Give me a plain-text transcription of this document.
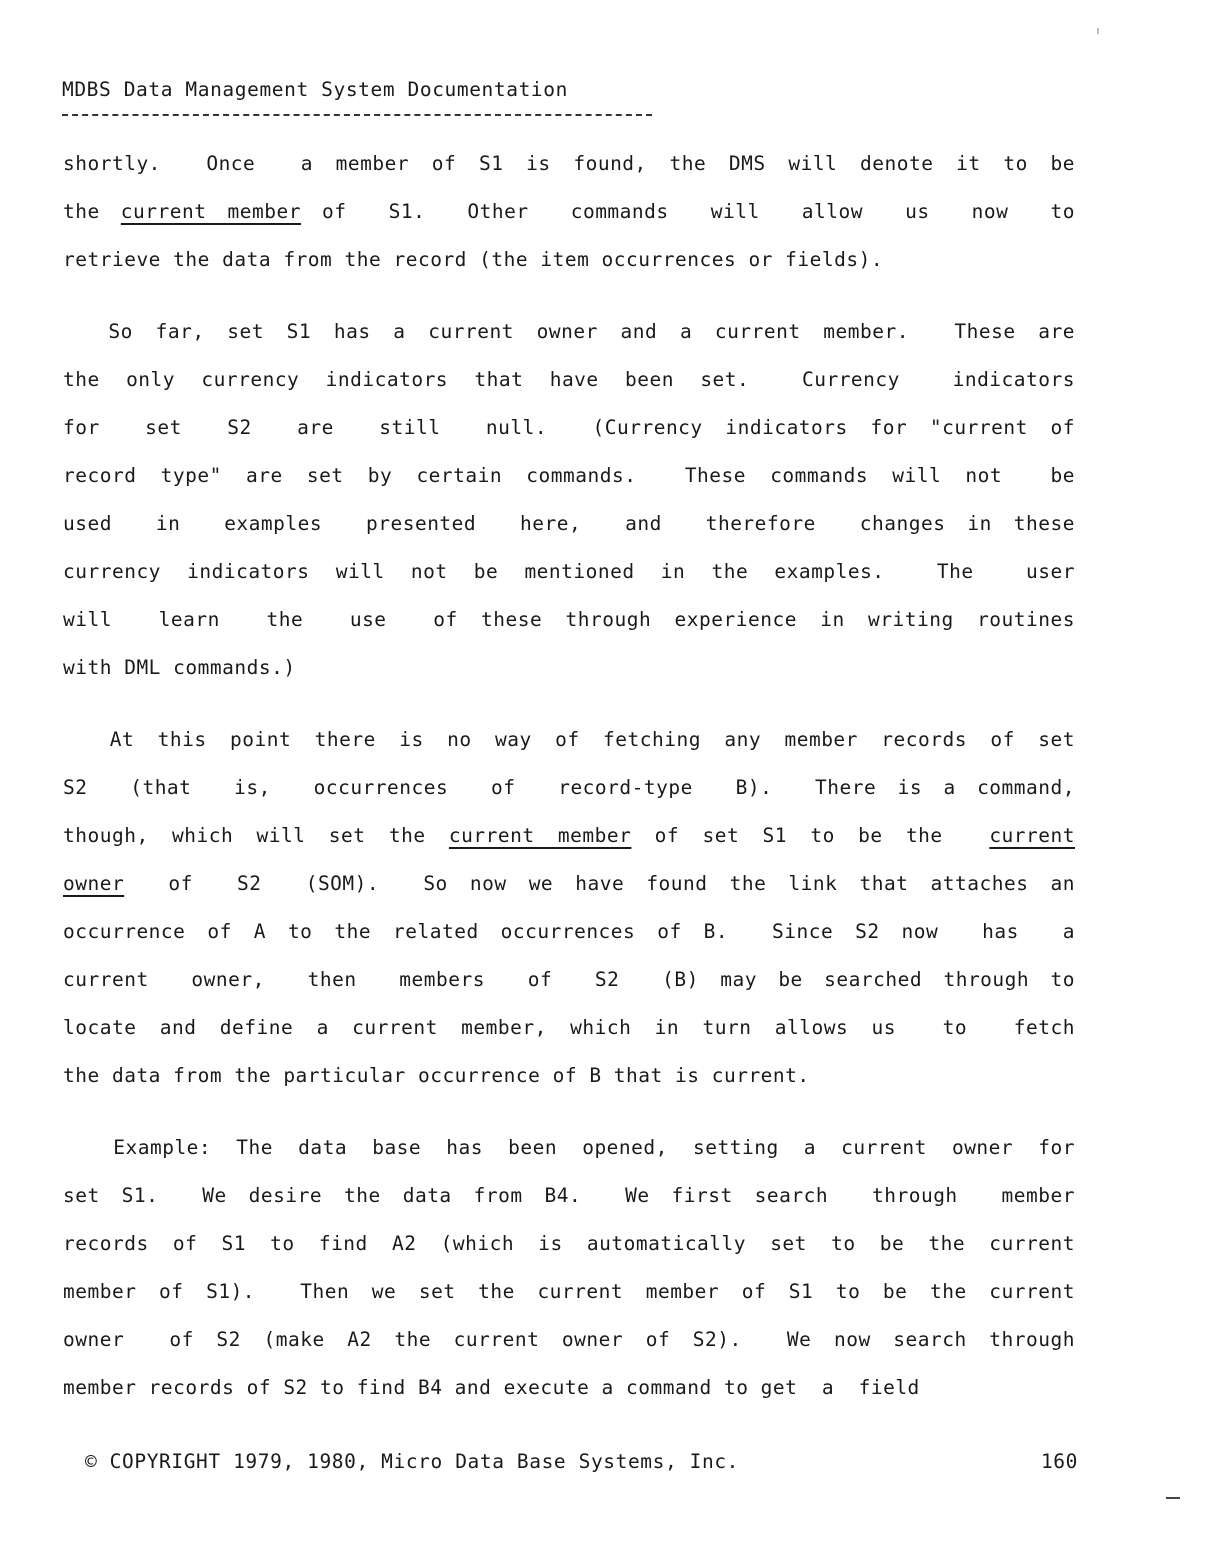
MDBS Data Management System Documentation
shortly.  Once  a member of S1 is found, the DMS will denote it to be
the current member of  S1.  Other  commands  will  allow  us  now  to
retrieve the data from the record (the item occurrences or fields).
So far, set S1 has a current owner and a current member.  These are
the only currency indicators that have been set.  Currency  indicators
for  set  S2  are  still  null.  (Currency indicators for "current of
record type" are set by certain commands.  These commands will not  be
used  in  examples  presented  here,  and  therefore  changes in these
currency indicators will not be mentioned in the examples.  The  user
will  learn  the  use  of these through experience in writing routines
with DML commands.)
At this point there is no way of fetching any member records of set
S2  (that  is,  occurrences  of  record-type  B).  There is a command,
though, which will set the current member of set S1 to be the  current
owner  of  S2  (SOM).  So now we have found the link that attaches an
occurrence of A to the related occurrences of B.  Since S2 now  has  a
current  owner,  then  members  of  S2  (B) may be searched through to
locate and define a current member, which in turn allows us  to  fetch
the data from the particular occurrence of B that is current.
Example: The data base has been opened, setting a current owner for
set S1.  We desire the data from B4.  We first search  through  member
records of S1 to find A2 (which is automatically set to be the current
member of S1).  Then we set the current member of S1 to be the current
owner  of S2 (make A2 the current owner of S2).  We now search through
member records of S2 to find B4 and execute a command to get  a  field
© COPYRIGHT 1979, 1980, Micro Data Base Systems, Inc.	160
